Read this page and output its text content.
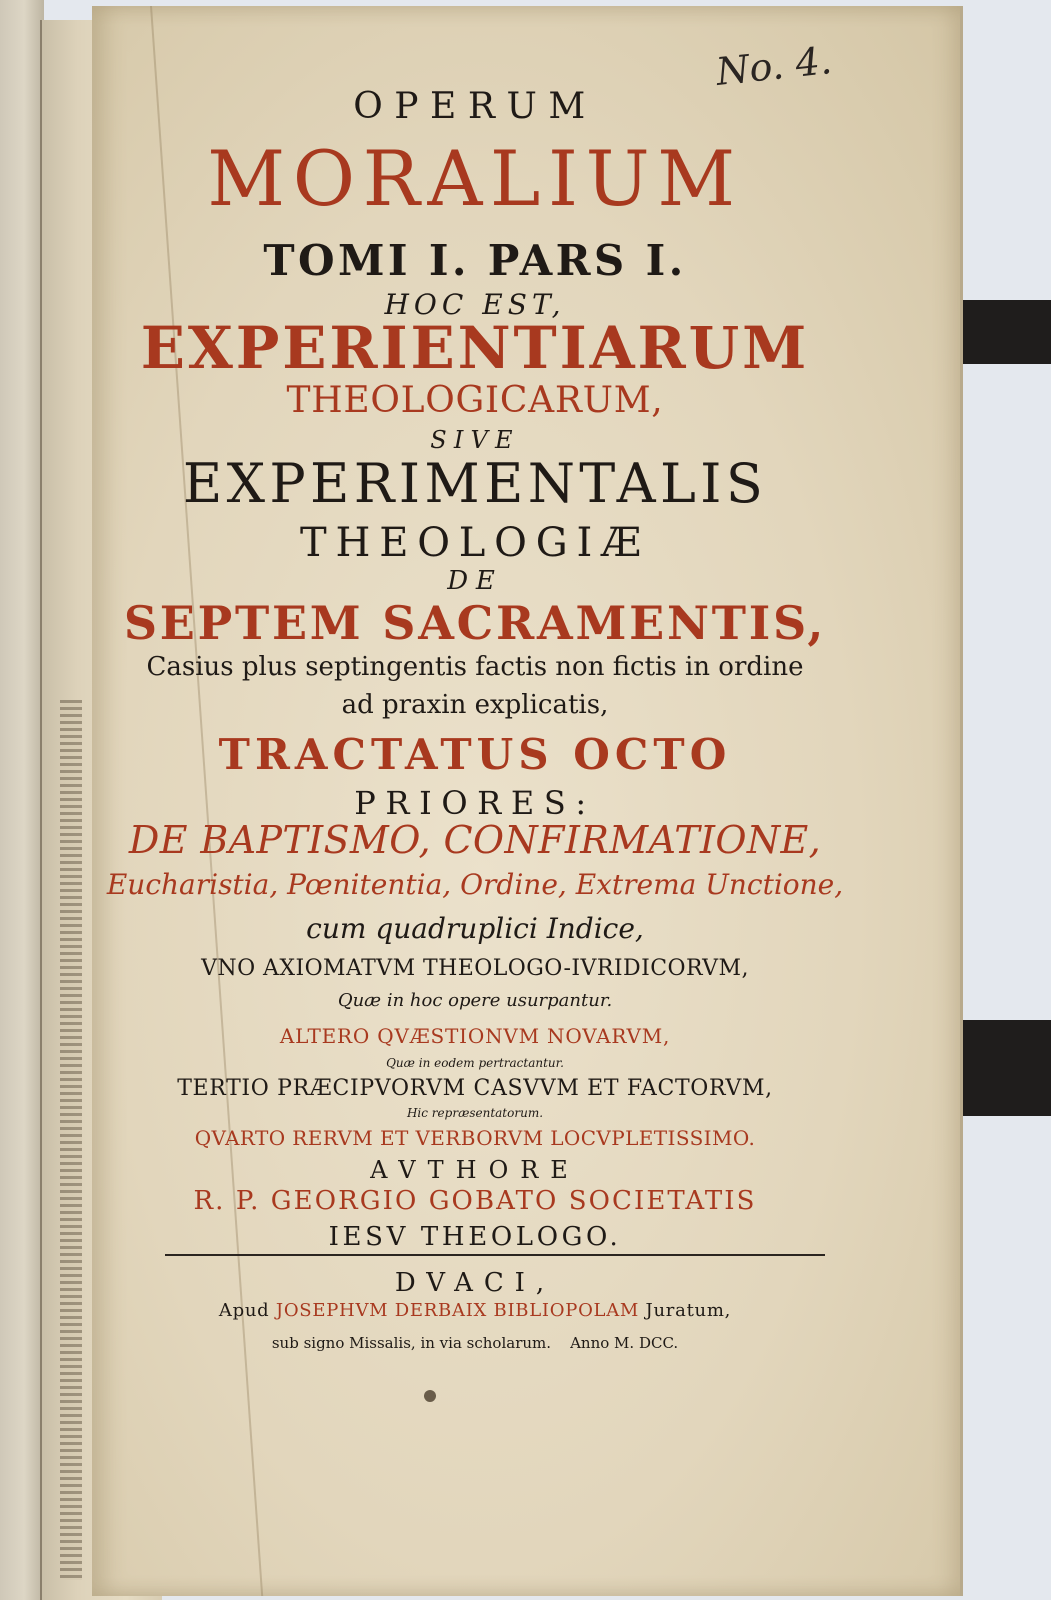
No. 4.
OPERUM
MORALIUM
TOMI I. PARS I.
HOC EST,
EXPERIENTIARUM
THEOLOGICARUM,
SIVE
EXPERIMENTALIS
THEOLOGIÆ
DE
SEPTEM SACRAMENTIS,
Casius plus septingentis factis non fictis in ordine
ad praxin explicatis,
TRACTATUS OCTO
PRIORES:
DE BAPTISMO, CONFIRMATIONE,
Eucharistia, Pœnitentia, Ordine, Extrema Unctione,
cum quadruplici Indice,
VNO AXIOMATVM THEOLOGO-IVRIDICORVM,
Quæ in hoc opere usurpantur.
ALTERO QVÆSTIONVM NOVARVM,
Quæ in eodem pertractantur.
TERTIO PRÆCIPVORVM CASVVM ET FACTORVM,
Hic repræsentatorum.
QVARTO RERVM ET VERBORVM LOCVPLETISSIMO.
AVTHORE
R. P. GEORGIO GOBATO SOCIETATIS
IESV THEOLOGO.
DVACI,
Apud JOSEPHVM DERBAIX BIBLIOPOLAM Juratum,
sub signo Missalis, in via scholarum. Anno M. DCC.
